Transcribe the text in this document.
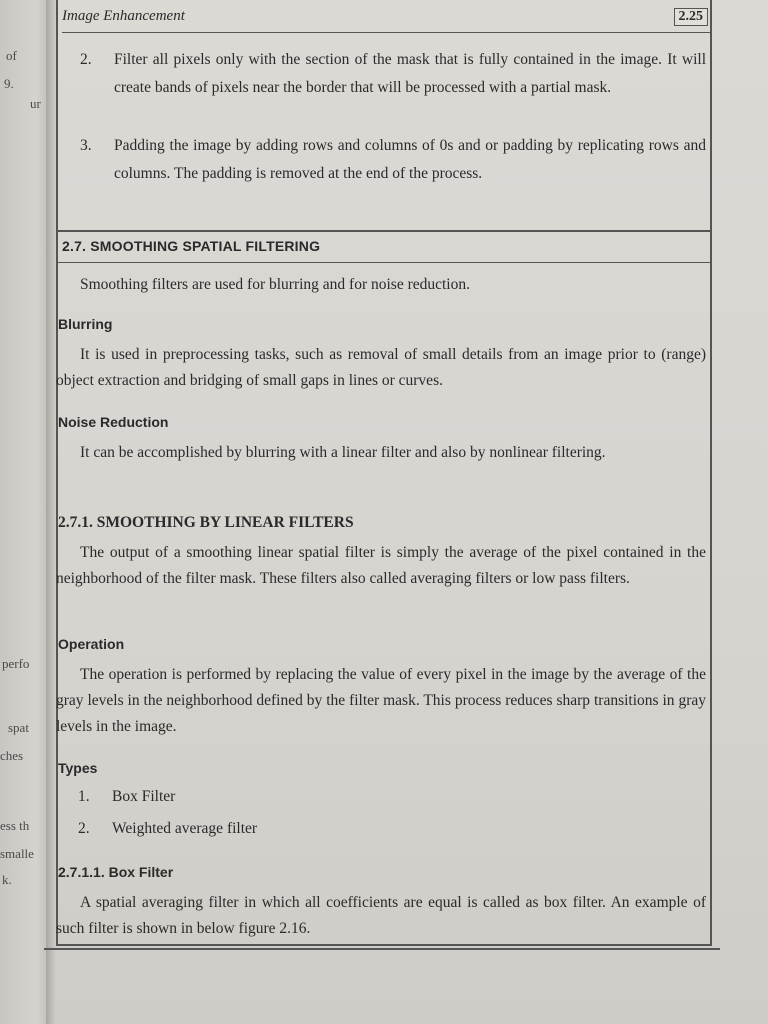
of
9.
ur
perfo
spat
ches
ess th
smalle
k.
Image Enhancement	2.25
2. Filter all pixels only with the section of the mask that is fully contained in the image. It will create bands of pixels near the border that will be processed with a partial mask.
3. Padding the image by adding rows and columns of 0s and or padding by replicating rows and columns. The padding is removed at the end of the process.
2.7. SMOOTHING SPATIAL FILTERING
Smoothing filters are used for blurring and for noise reduction.
Blurring
It is used in preprocessing tasks, such as removal of small details from an image prior to (range) object extraction and bridging of small gaps in lines or curves.
Noise Reduction
It can be accomplished by blurring with a linear filter and also by nonlinear filtering.
2.7.1. SMOOTHING BY LINEAR FILTERS
The output of a smoothing linear spatial filter is simply the average of the pixel contained in the neighborhood of the filter mask. These filters also called averaging filters or low pass filters.
Operation
The operation is performed by replacing the value of every pixel in the image by the average of the gray levels in the neighborhood defined by the filter mask. This process reduces sharp transitions in gray levels in the image.
Types
1. Box Filter
2. Weighted average filter
2.7.1.1. Box Filter
A spatial averaging filter in which all coefficients are equal is called as box filter. An example of such filter is shown in below figure 2.16.
